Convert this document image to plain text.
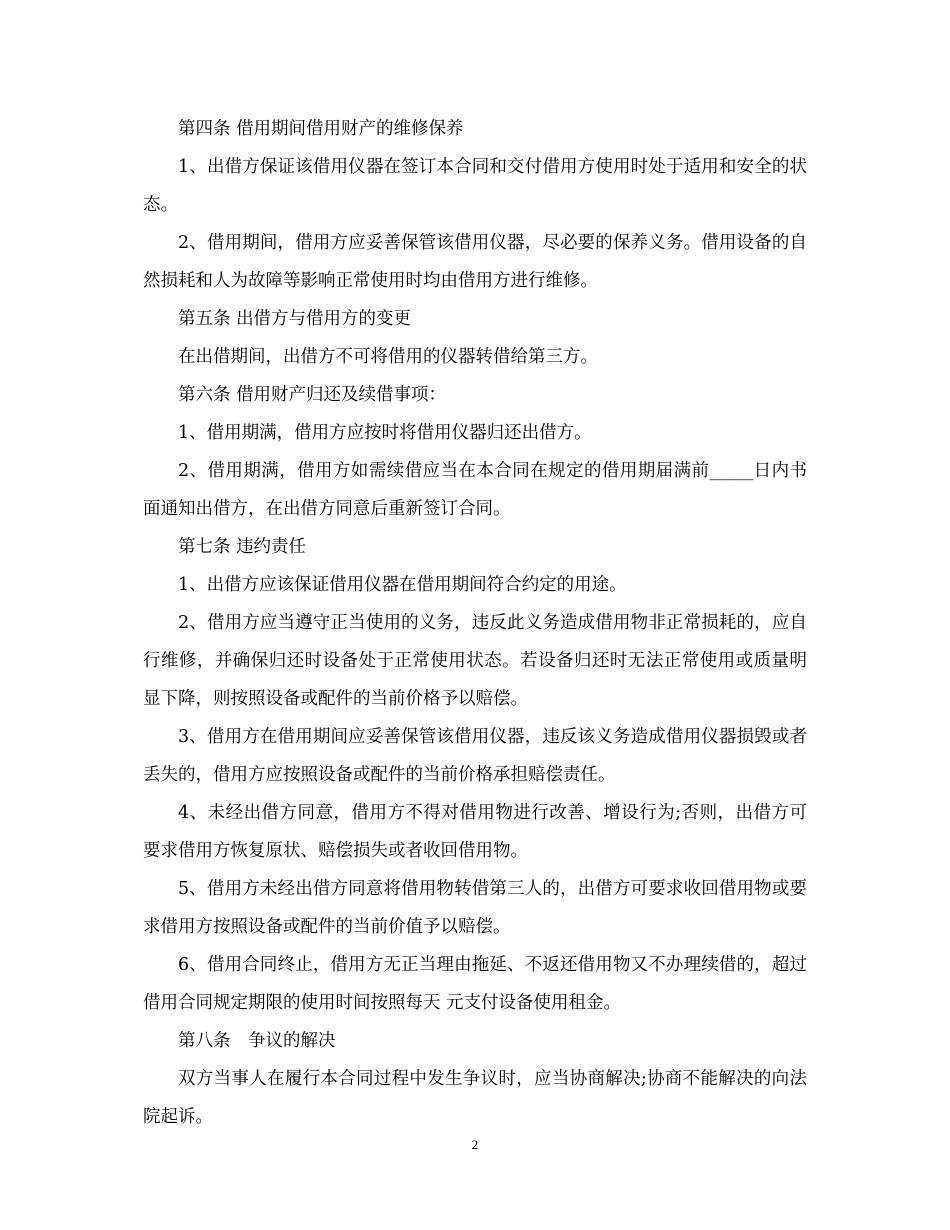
第四条 借用期间借用财产的维修保养

1、出借方保证该借用仪器在签订本合同和交付借用方使用时处于适用和安全的状态。

2、借用期间，借用方应妥善保管该借用仪器，尽必要的保养义务。借用设备的自然损耗和人为故障等影响正常使用时均由借用方进行维修。

第五条 出借方与借用方的变更

在出借期间，出借方不可将借用的仪器转借给第三方。

第六条 借用财产归还及续借事项：

1、借用期满，借用方应按时将借用仪器归还出借方。

2、借用期满，借用方如需续借应当在本合同在规定的借用期届满前_____日内书面通知出借方，在出借方同意后重新签订合同。

第七条 违约责任

1、出借方应该保证借用仪器在借用期间符合约定的用途。

2、借用方应当遵守正当使用的义务，违反此义务造成借用物非正常损耗的，应自行维修，并确保归还时设备处于正常使用状态。若设备归还时无法正常使用或质量明显下降，则按照设备或配件的当前价格予以赔偿。

3、借用方在借用期间应妥善保管该借用仪器，违反该义务造成借用仪器损毁或者丢失的，借用方应按照设备或配件的当前价格承担赔偿责任。

4、未经出借方同意，借用方不得对借用物进行改善、增设行为;否则，出借方可要求借用方恢复原状、赔偿损失或者收回借用物。

5、借用方未经出借方同意将借用物转借第三人的，出借方可要求收回借用物或要求借用方按照设备或配件的当前价值予以赔偿。

6、借用合同终止，借用方无正当理由拖延、不返还借用物又不办理续借的，超过借用合同规定期限的使用时间按照每天 元支付设备使用租金。

第八条　争议的解决

双方当事人在履行本合同过程中发生争议时，应当协商解决;协商不能解决的向法院起诉。

2
